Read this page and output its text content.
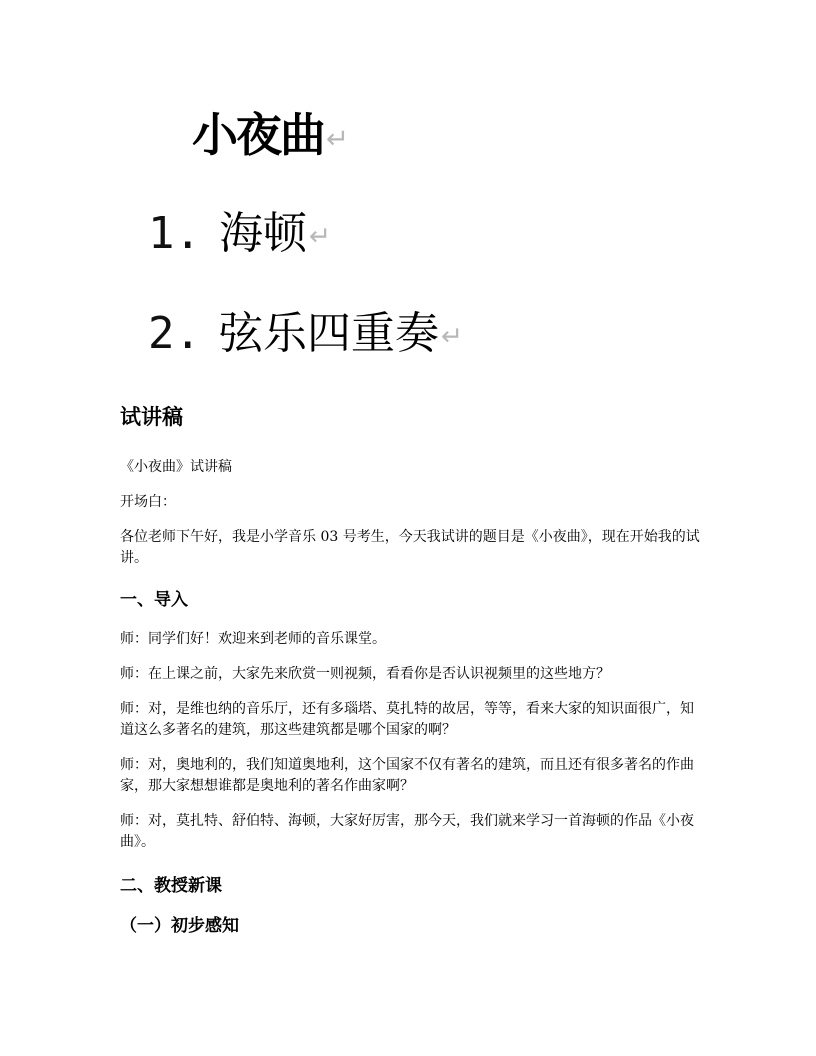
小夜曲↵
1. 海顿↵
2. 弦乐四重奏↵
试讲稿

《小夜曲》试讲稿

开场白：

各位老师下午好，我是小学音乐 03 号考生，今天我试讲的题目是《小夜曲》，现在开始我的试讲。

一、导入

师：同学们好！欢迎来到老师的音乐课堂。

师：在上课之前，大家先来欣赏一则视频，看看你是否认识视频里的这些地方？

师：对，是维也纳的音乐厅，还有多瑙塔、莫扎特的故居，等等，看来大家的知识面很广，知道这么多著名的建筑，那这些建筑都是哪个国家的啊？

师：对，奥地利的，我们知道奥地利，这个国家不仅有著名的建筑，而且还有很多著名的作曲家，那大家想想谁都是奥地利的著名作曲家啊？

师：对，莫扎特、舒伯特、海顿，大家好厉害，那今天，我们就来学习一首海顿的作品《小夜曲》。

二、教授新课
（一）初步感知
